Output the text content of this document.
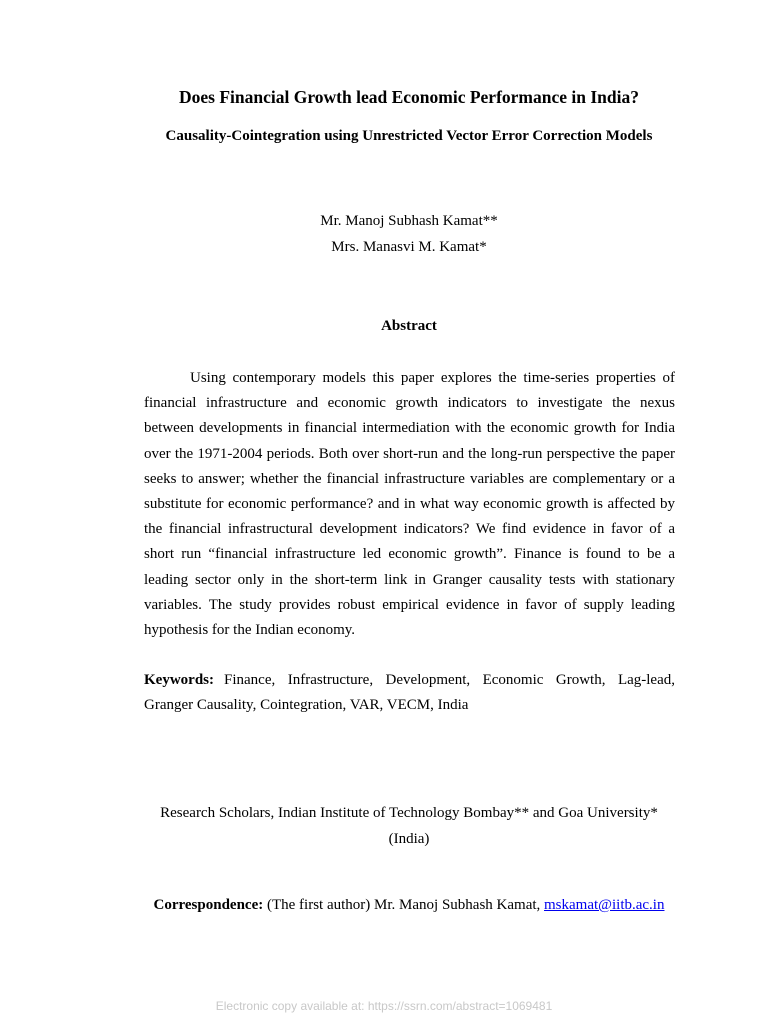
Does Financial Growth lead Economic Performance in India?
Causality-Cointegration using Unrestricted Vector Error Correction Models
Mr. Manoj Subhash Kamat**
Mrs. Manasvi M. Kamat*
Abstract
Using contemporary models this paper explores the time-series properties of financial infrastructure and economic growth indicators to investigate the nexus between developments in financial intermediation with the economic growth for India over the 1971-2004 periods. Both over short-run and the long-run perspective the paper seeks to answer; whether the financial infrastructure variables are complementary or a substitute for economic performance? and in what way economic growth is affected by the financial infrastructural development indicators? We find evidence in favor of a short run “financial infrastructure led economic growth”. Finance is found to be a leading sector only in the short-term link in Granger causality tests with stationary variables. The study provides robust empirical evidence in favor of supply leading hypothesis for the Indian economy.
Keywords: Finance, Infrastructure, Development, Economic Growth, Lag-lead, Granger Causality, Cointegration, VAR, VECM, India
Research Scholars, Indian Institute of Technology Bombay** and Goa University*
(India)
Correspondence: (The first author) Mr. Manoj Subhash Kamat, mskamat@iitb.ac.in
Electronic copy available at: https://ssrn.com/abstract=1069481
